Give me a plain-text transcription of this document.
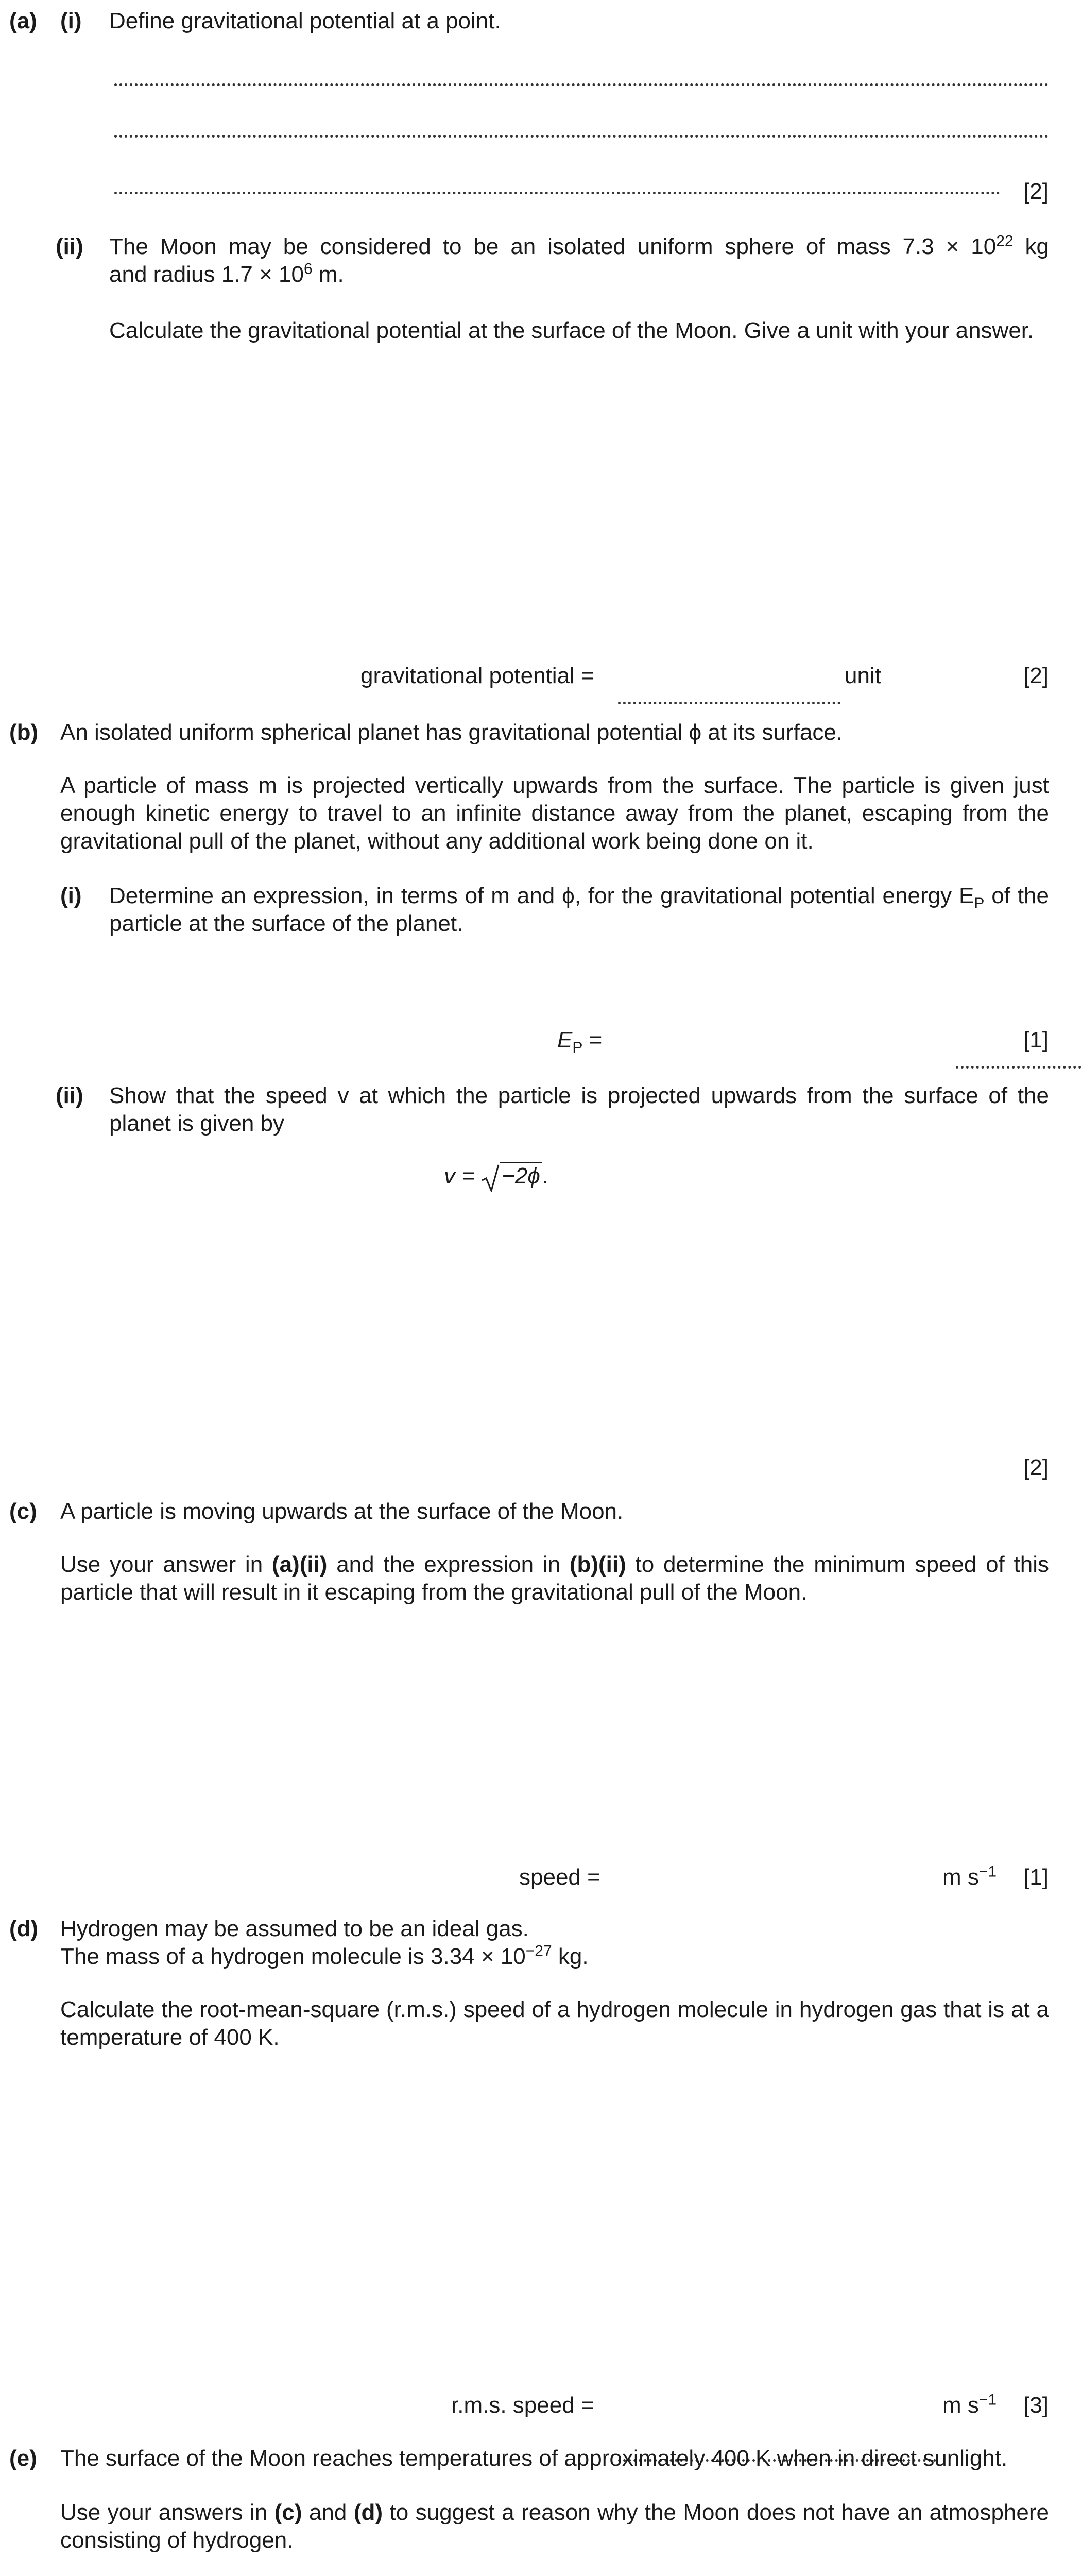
(a) (i) Define gravitational potential at a point.
[2]
(ii) The Moon may be considered to be an isolated uniform sphere of mass $7.3 \times 10^{22}$ kg
and radius $1.7 \times 10^6$ m.
Calculate the gravitational potential at the surface of the Moon. Give a unit with your answer.
gravitational potential =
	unit
	[2]
(b) An isolated uniform spherical planet has gravitational potential ϕ at its surface.
A particle of mass m is projected vertically upwards from the surface. The particle is given just enough kinetic energy to travel to an infinite distance away from the planet, escaping from the gravitational pull of the planet, without any additional work being done on it.
(i) Determine an expression, in terms of m and ϕ, for the gravitational potential energy $E_P$ of the particle at the surface of the planet.
$E_P$ =
	[1]
(ii) Show that the speed v at which the particle is projected upwards from the surface of the planet is given by
v = −2ϕ.
[2]
(c) A particle is moving upwards at the surface of the Moon.
Use your answer in (a)(ii) and the expression in (b)(ii) to determine the minimum speed of this particle that will result in it escaping from the gravitational pull of the Moon.
speed =
	m $s^{-1}$ [1]
(d) Hydrogen may be assumed to be an ideal gas.
The mass of a hydrogen molecule is $3.34 \times 10^{-27}$ kg.
Calculate the root-mean-square (r.m.s.) speed of a hydrogen molecule in hydrogen gas that is at a temperature of 400 K.
r.m.s. speed =	m $s^{-1}$ [3]
(e) The surface of the Moon reaches temperatures of approximately 400 K when in direct sunlight.
Use your answers in (c) and (d) to suggest a reason why the Moon does not have an atmosphere consisting of hydrogen.
